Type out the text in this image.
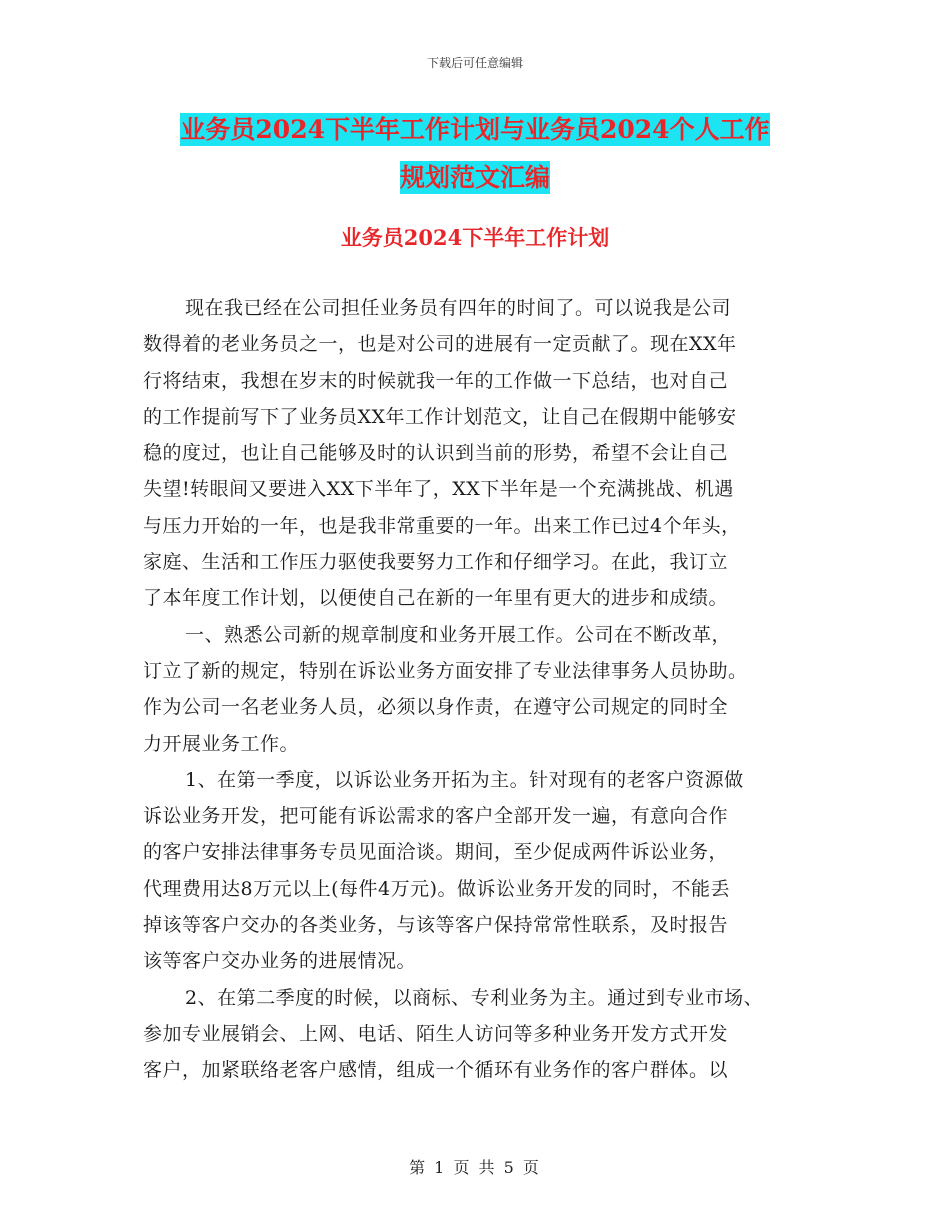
下载后可任意编辑
业务员2024下半年工作计划与业务员2024个人工作
规划范文汇编
业务员2024下半年工作计划
现在我已经在公司担任业务员有四年的时间了。可以说我是公司
数得着的老业务员之一，也是对公司的进展有一定贡献了。现在XX年
行将结束，我想在岁末的时候就我一年的工作做一下总结，也对自己
的工作提前写下了业务员XX年工作计划范文，让自己在假期中能够安
稳的度过，也让自己能够及时的认识到当前的形势，希望不会让自己
失望!转眼间又要进入XX下半年了，XX下半年是一个充满挑战、机遇
与压力开始的一年，也是我非常重要的一年。出来工作已过4个年头，
家庭、生活和工作压力驱使我要努力工作和仔细学习。在此，我订立
了本年度工作计划，以便使自己在新的一年里有更大的进步和成绩。
一、熟悉公司新的规章制度和业务开展工作。公司在不断改革，
订立了新的规定，特别在诉讼业务方面安排了专业法律事务人员协助。
作为公司一名老业务人员，必须以身作责，在遵守公司规定的同时全
力开展业务工作。
1、在第一季度，以诉讼业务开拓为主。针对现有的老客户资源做
诉讼业务开发，把可能有诉讼需求的客户全部开发一遍，有意向合作
的客户安排法律事务专员见面洽谈。期间，至少促成两件诉讼业务，
代理费用达8万元以上(每件4万元)。做诉讼业务开发的同时，不能丢
掉该等客户交办的各类业务，与该等客户保持常常性联系，及时报告
该等客户交办业务的进展情况。
2、在第二季度的时候，以商标、专利业务为主。通过到专业市场、
参加专业展销会、上网、电话、陌生人访问等多种业务开发方式开发
客户，加紧联络老客户感情，组成一个循环有业务作的客户群体。以
第 1 页 共 5 页
